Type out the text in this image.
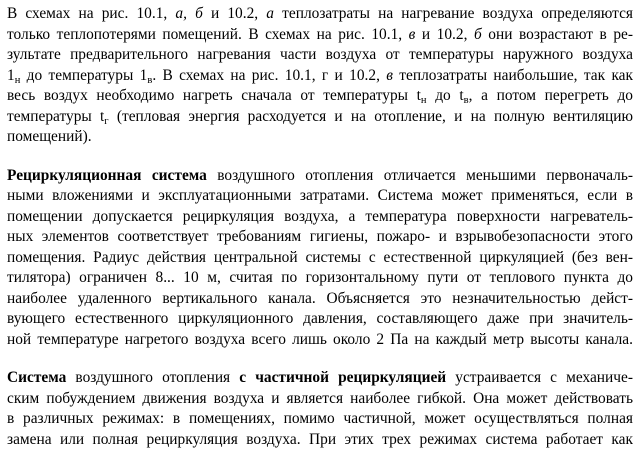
В схемах на рис. 10.1, а, б и 10.2, а теплозатраты на нагревание воздуха определяются
только теплопотерями помещений. В схемах на рис. 10.1, в и 10.2, б они возрастают в ре-
зультате предварительного нагревания части воздуха от температуры наружного воздуха
$1_н$ до температуры $1_в$. В схемах на рис. 10.1, г и 10.2, в теплозатраты наибольшие, так как
весь воздух необходимо нагреть сначала от температуры $t_н$ до $t_в$, а потом перегреть до
температуры $t_г$ (тепловая энергия расходуется и на отопление, и на полную вентиляцию
помещений).

Рециркуляционная система воздушного отопления отличается меньшими первоначаль-
ными вложениями и эксплуатационными затратами. Система может применяться, если в
помещении допускается рециркуляция воздуха, а температура поверхности нагреватель-
ных элементов соответствует требованиям гигиены, пожаро- и взрывобезопасности этого
помещения. Радиус действия центральной системы с естественной циркуляцией (без вен-
тилятора) ограничен 8... 10 м, считая по горизонтальному пути от теплового пункта до
наиболее удаленного вертикального канала. Объясняется это незначительностью дейст-
вующего естественного циркуляционного давления, составляющего даже при значитель-
ной температуре нагретого воздуха всего лишь около 2 Па на каждый метр высоты канала.

Система воздушного отопления с частичной рециркуляцией устраивается с механиче-
ским побуждением движения воздуха и является наиболее гибкой. Она может действовать
в различных режимах: в помещениях, помимо частичной, может осуществляться полная
замена или полная рециркуляция воздуха. При этих трех режимах система работает как
